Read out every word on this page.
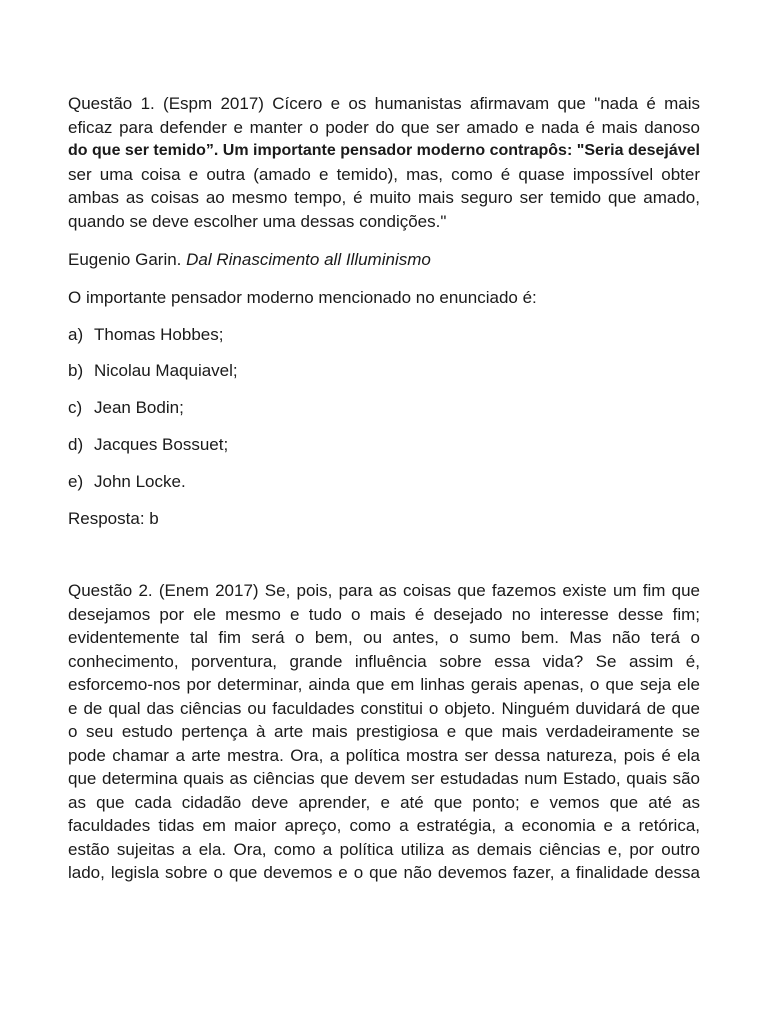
Questão 1. (Espm 2017) Cícero e os humanistas afirmavam que "nada é mais
eficaz para defender e manter o poder do que ser amado e nada é mais danoso
do que ser temido”. Um importante pensador moderno contrapôs: "Seria desejável
ser uma coisa e outra (amado e temido), mas, como é quase impossível obter
ambas as coisas ao mesmo tempo, é muito mais seguro ser temido que amado,
quando se deve escolher uma dessas condições."

Eugenio Garin. Dal Rinascimento all Illuminismo

O importante pensador moderno mencionado no enunciado é:

a) Thomas Hobbes;

b) Nicolau Maquiavel;

c) Jean Bodin;

d) Jacques Bossuet;

e) John Locke.

Resposta: b

Questão 2. (Enem 2017) Se, pois, para as coisas que fazemos existe um fim que
desejamos por ele mesmo e tudo o mais é desejado no interesse desse fim;
evidentemente tal fim será o bem, ou antes, o sumo bem. Mas não terá o
conhecimento, porventura, grande influência sobre essa vida? Se assim é,
esforcemo-nos por determinar, ainda que em linhas gerais apenas, o que seja ele
e de qual das ciências ou faculdades constitui o objeto. Ninguém duvidará de que
o seu estudo pertença à arte mais prestigiosa e que mais verdadeiramente se
pode chamar a arte mestra. Ora, a política mostra ser dessa natureza, pois é ela
que determina quais as ciências que devem ser estudadas num Estado, quais são
as que cada cidadão deve aprender, e até que ponto; e vemos que até as
faculdades tidas em maior apreço, como a estratégia, a economia e a retórica,
estão sujeitas a ela. Ora, como a política utiliza as demais ciências e, por outro
lado, legisla sobre o que devemos e o que não devemos fazer, a finalidade dessa
